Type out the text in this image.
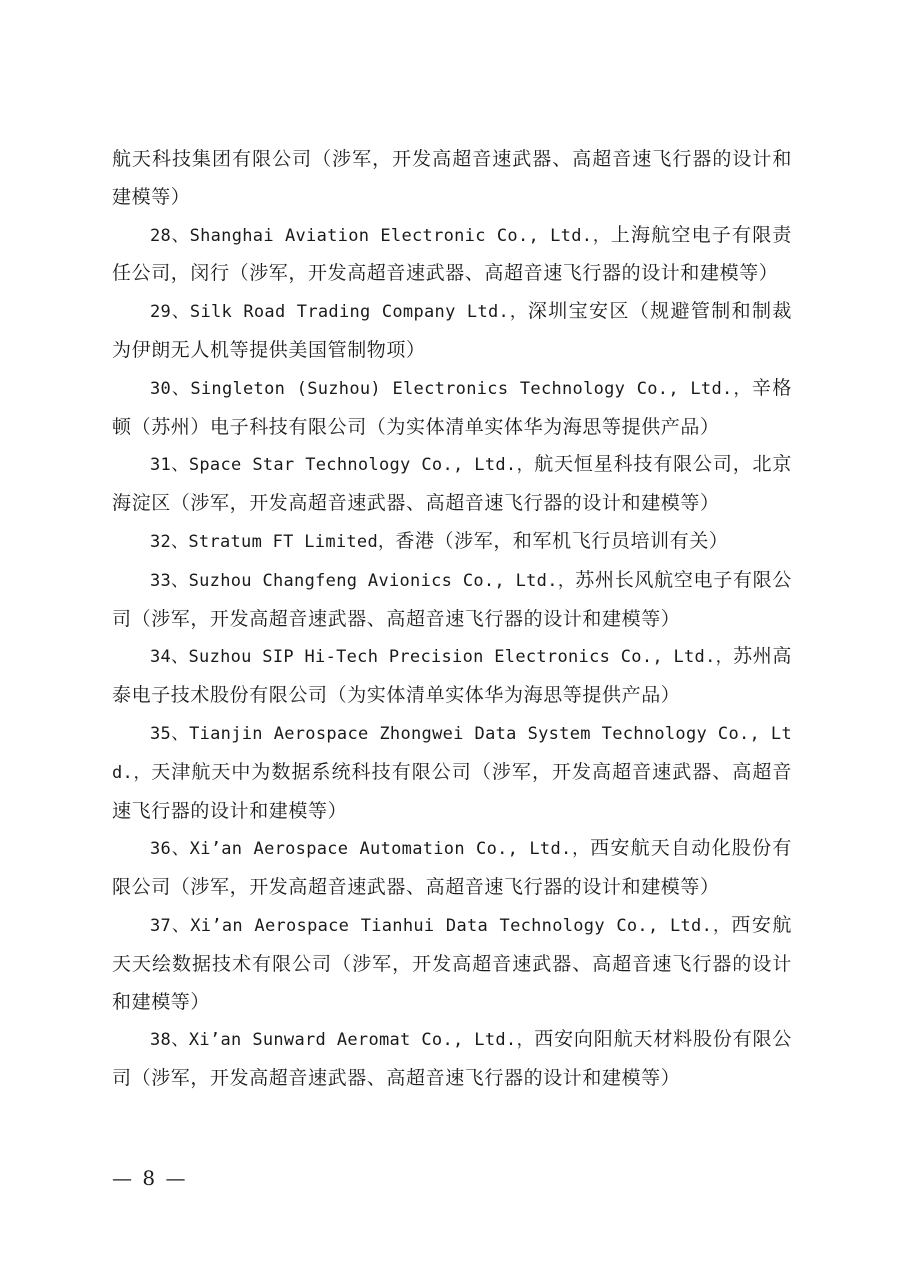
航天科技集团有限公司（涉军，开发高超音速武器、高超音速飞行器的设计和建模等）

28、Shanghai Aviation Electronic Co., Ltd.，上海航空电子有限责任公司，闵行（涉军，开发高超音速武器、高超音速飞行器的设计和建模等）

29、Silk Road Trading Company Ltd.，深圳宝安区（规避管制和制裁为伊朗无人机等提供美国管制物项）

30、Singleton (Suzhou) Electronics Technology Co., Ltd.，辛格顿（苏州）电子科技有限公司（为实体清单实体华为海思等提供产品）

31、Space Star Technology Co., Ltd.，航天恒星科技有限公司，北京海淀区（涉军，开发高超音速武器、高超音速飞行器的设计和建模等）

32、Stratum FT Limited，香港（涉军，和军机飞行员培训有关）

33、Suzhou Changfeng Avionics Co., Ltd.，苏州长风航空电子有限公司（涉军，开发高超音速武器、高超音速飞行器的设计和建模等）

34、Suzhou SIP Hi-Tech Precision Electronics Co., Ltd.，苏州高泰电子技术股份有限公司（为实体清单实体华为海思等提供产品）

35、Tianjin Aerospace Zhongwei Data System Technology Co., Ltd.，天津航天中为数据系统科技有限公司（涉军，开发高超音速武器、高超音速飞行器的设计和建模等）

36、Xi’an Aerospace Automation Co., Ltd.，西安航天自动化股份有限公司（涉军，开发高超音速武器、高超音速飞行器的设计和建模等）

37、Xi’an Aerospace Tianhui Data Technology Co., Ltd.，西安航天天绘数据技术有限公司（涉军，开发高超音速武器、高超音速飞行器的设计和建模等）

38、Xi’an Sunward Aeromat Co., Ltd.，西安向阳航天材料股份有限公司（涉军，开发高超音速武器、高超音速飞行器的设计和建模等）

— 8 —
